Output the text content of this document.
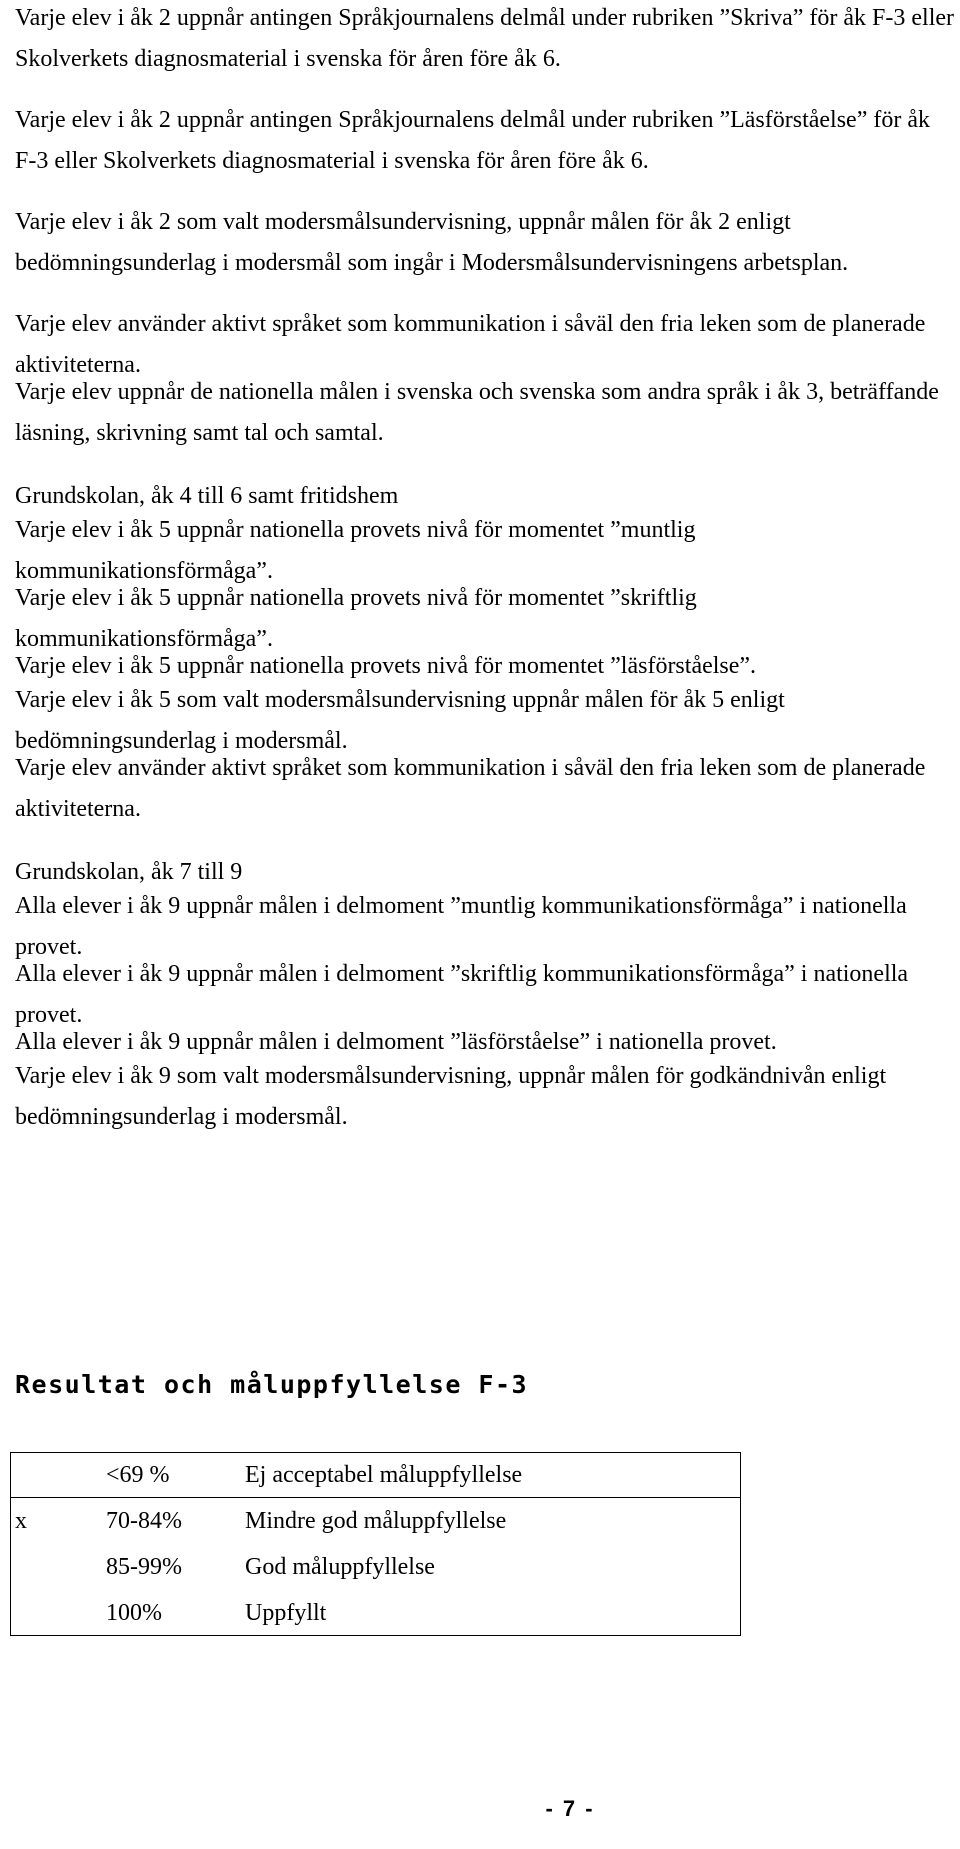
Varje elev i åk 2 uppnår antingen Språkjournalens delmål under rubriken ”Skriva” för åk F-3 eller Skolverkets diagnosmaterial i svenska för åren före åk 6.

Varje elev i åk 2 uppnår antingen Språkjournalens delmål under rubriken ”Läsförståelse” för åk F-3 eller Skolverkets diagnosmaterial i svenska för åren före åk 6.

Varje elev i åk 2 som valt modersmålsundervisning, uppnår målen för åk 2 enligt bedömningsunderlag i modersmål som ingår i Modersmålsundervisningens arbetsplan.

Varje elev använder aktivt språket som kommunikation i såväl den fria leken som de planerade aktiviteterna.

Varje elev uppnår de nationella målen i svenska och svenska som andra språk i åk 3, beträffande läsning, skrivning samt tal och samtal.

Grundskolan, åk 4 till 6 samt fritidshem

Varje elev i åk 5 uppnår nationella provets nivå för momentet ”muntlig kommunikationsförmåga”.

Varje elev i åk 5 uppnår nationella provets nivå för momentet ”skriftlig kommunikationsförmåga”.

Varje elev i åk 5 uppnår nationella provets nivå för momentet ”läsförståelse”.

Varje elev i åk 5 som valt modersmålsundervisning uppnår målen för åk 5 enligt bedömningsunderlag i modersmål.

Varje elev använder aktivt språket som kommunikation i såväl den fria leken som de planerade aktiviteterna.

Grundskolan, åk 7 till 9

Alla elever i åk 9 uppnår målen i delmoment ”muntlig kommunikationsförmåga” i nationella provet.

Alla elever i åk 9 uppnår målen i delmoment ”skriftlig kommunikationsförmåga” i nationella provet.

Alla elever i åk 9 uppnår målen i delmoment ”läsförståelse” i nationella provet.

Varje elev i åk 9 som valt modersmålsundervisning, uppnår målen för godkändnivån enligt bedömningsunderlag i modersmål.

Resultat och måluppfyllelse F-3
	<69 %	Ej acceptabel måluppfyllelse
x	70-84%	Mindre god måluppfyllelse
	85-99%	God måluppfyllelse
	100%	Uppfyllt
- 7 -
